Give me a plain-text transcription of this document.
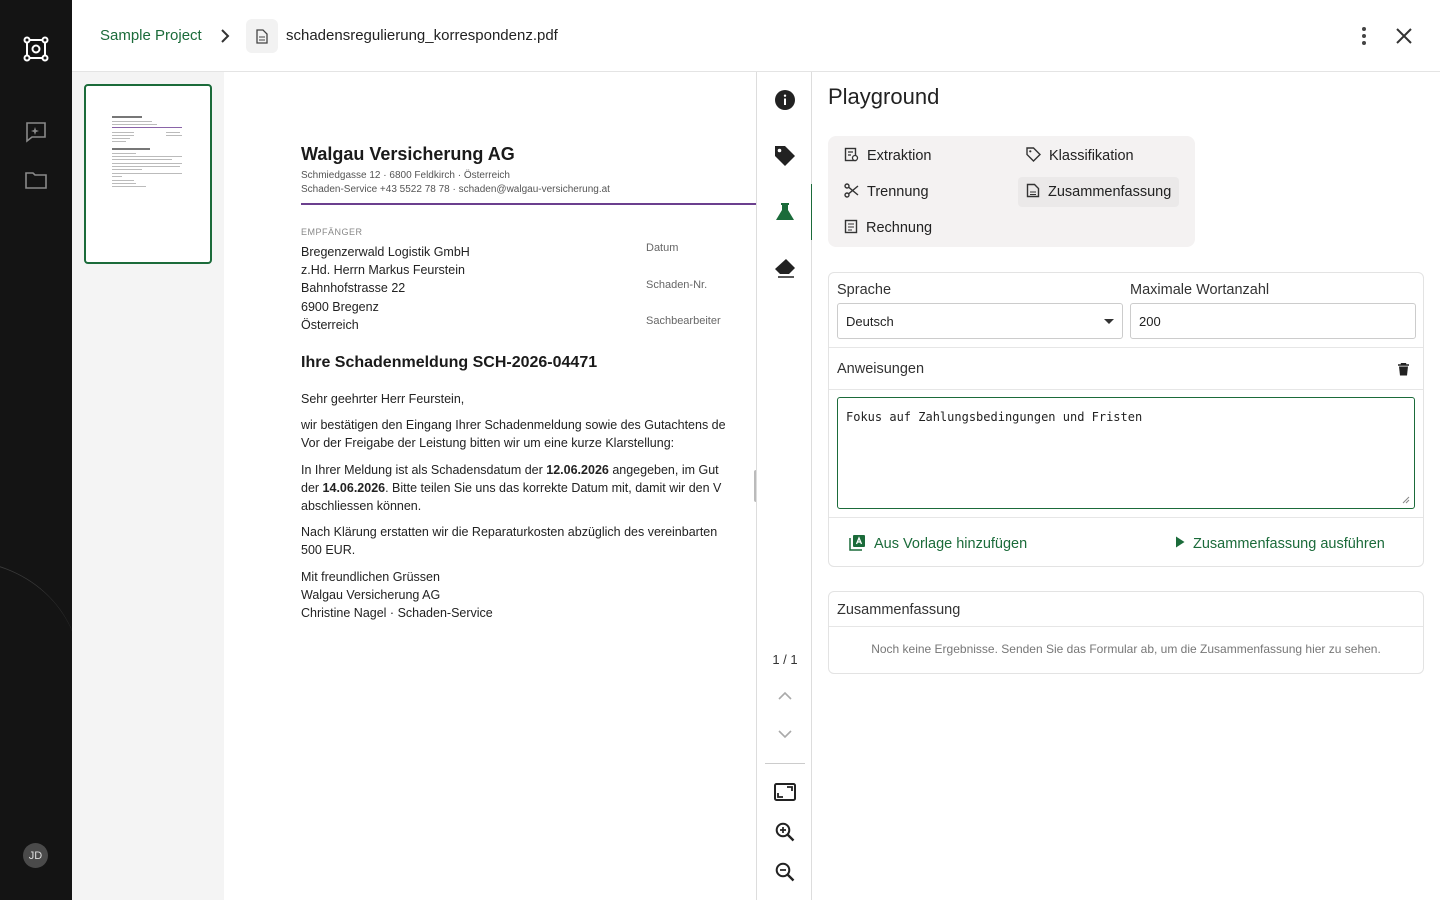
JD
Sample Project	schadensregulierung_korrespondenz.pdf
Walgau Versicherung AG
Schmiedgasse 12 · 6800 Feldkirch · Österreich
Schaden-Service +43 5522 78 78 · schaden@walgau-versicherung.at
EMPFÄNGER
Bregenzerwald Logistik GmbH
z.Hd. Herrn Markus Feurstein
Bahnhofstrasse 22
6900 Bregenz
Österreich
Datum
Schaden-Nr.
Sachbearbeiter
Ihre Schadenmeldung SCH-2026-04471

Sehr geehrter Herr Feurstein,

wir bestätigen den Eingang Ihrer Schadenmeldung sowie des Gutachtens de
Vor der Freigabe der Leistung bitten wir um eine kurze Klarstellung:

In Ihrer Meldung ist als Schadensdatum der 12.06.2026 angegeben, im Gut
der 14.06.2026. Bitte teilen Sie uns das korrekte Datum mit, damit wir den V
abschliessen können.

Nach Klärung erstatten wir die Reparaturkosten abzüglich des vereinbarten
500 EUR.

Mit freundlichen Grüssen
Walgau Versicherung AG
Christine Nagel · Schaden-Service

1 / 1
Playground
Extraktion	Klassifikation
Trennung	Zusammenfassung
Rechnung
Sprache	Maximale Wortanzahl
Deutsch	200
Anweisungen
Fokus auf Zahlungsbedingungen und Fristen
Aus Vorlage hinzufügen	Zusammenfassung ausführen
Zusammenfassung
Noch keine Ergebnisse. Senden Sie das Formular ab, um die Zusammenfassung hier zu sehen.
